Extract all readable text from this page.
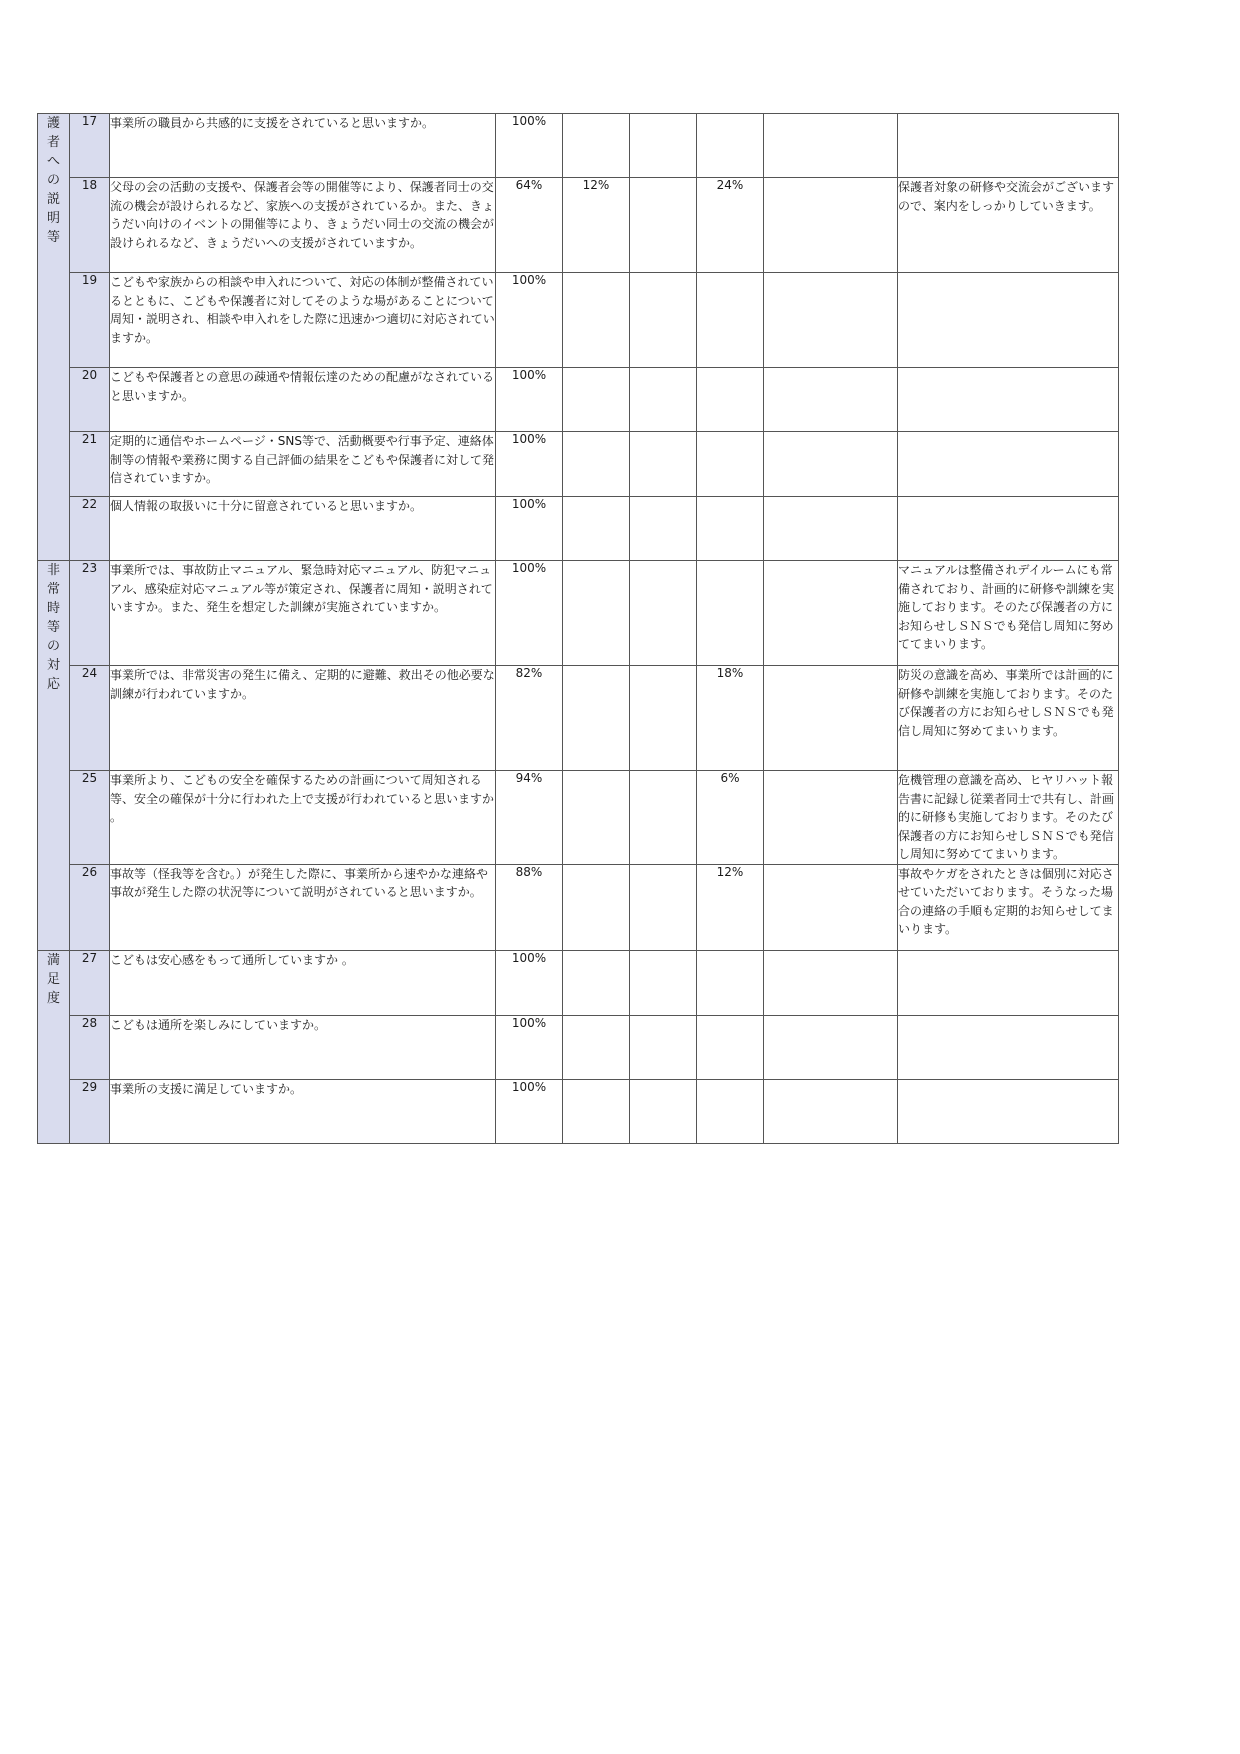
護者への説明等	17	事業所の職員から共感的に支援をされていると思いますか。	100%					
	18	父母の会の活動の支援や、保護者会等の開催等により、保護者同士の交流の機会が設けられるなど、家族への支援がされているか。また、きょうだい向けのイベントの開催等により、きょうだい同士の交流の機会が設けられるなど、きょうだいへの支援がされていますか。	64%	12%		24%		保護者対象の研修や交流会がございますので、案内をしっかりしていきます。
	19	こどもや家族からの相談や申入れについて、対応の体制が整備されているとともに、こどもや保護者に対してそのような場があることについて周知・説明され、相談や申入れをした際に迅速かつ適切に対応されていますか。	100%					
	20	こどもや保護者との意思の疎通や情報伝達のための配慮がなされていると思いますか。	100%					
	21	定期的に通信やホームページ・SNS等で、活動概要や行事予定、連絡体制等の情報や業務に関する自己評価の結果をこどもや保護者に対して発信されていますか。	100%					
	22	個人情報の取扱いに十分に留意されていると思いますか。	100%					
非常時等の対応	23	事業所では、事故防止マニュアル、緊急時対応マニュアル、防犯マニュアル、感染症対応マニュアル等が策定され、保護者に周知・説明されていますか。また、発生を想定した訓練が実施されていますか。	100%					マニュアルは整備されデイルームにも常備されており、計画的に研修や訓練を実施しております。そのたび保護者の方にお知らせしＳＮＳでも発信し周知に努めててまいります。
	24	事業所では、非常災害の発生に備え、定期的に避難、救出その他必要な訓練が行われていますか。	82%			18%		防災の意識を高め、事業所では計画的に研修や訓練を実施しております。そのたび保護者の方にお知らせしＳＮＳでも発信し周知に努めてまいります。
	25	事業所より、こどもの安全を確保するための計画について周知される等、安全の確保が十分に行われた上で支援が行われていると思いますか 。	94%			6%		危機管理の意識を高め、ヒヤリハット報告書に記録し従業者同士で共有し、計画的に研修も実施しております。そのたび保護者の方にお知らせしＳＮＳでも発信し周知に努めててまいります。
	26	事故等（怪我等を含む。）が発生した際に、事業所から速やかな連絡や事故が発生した際の状況等について説明がされていると思いますか。	88%			12%		事故やケガをされたときは個別に対応させていただいております。そうなった場合の連絡の手順も定期的お知らせしてまいります。
満足度	27	こどもは安心感をもって通所していますか 。	100%					
	28	こどもは通所を楽しみにしていますか。	100%					
	29	事業所の支援に満足していますか。	100%					
